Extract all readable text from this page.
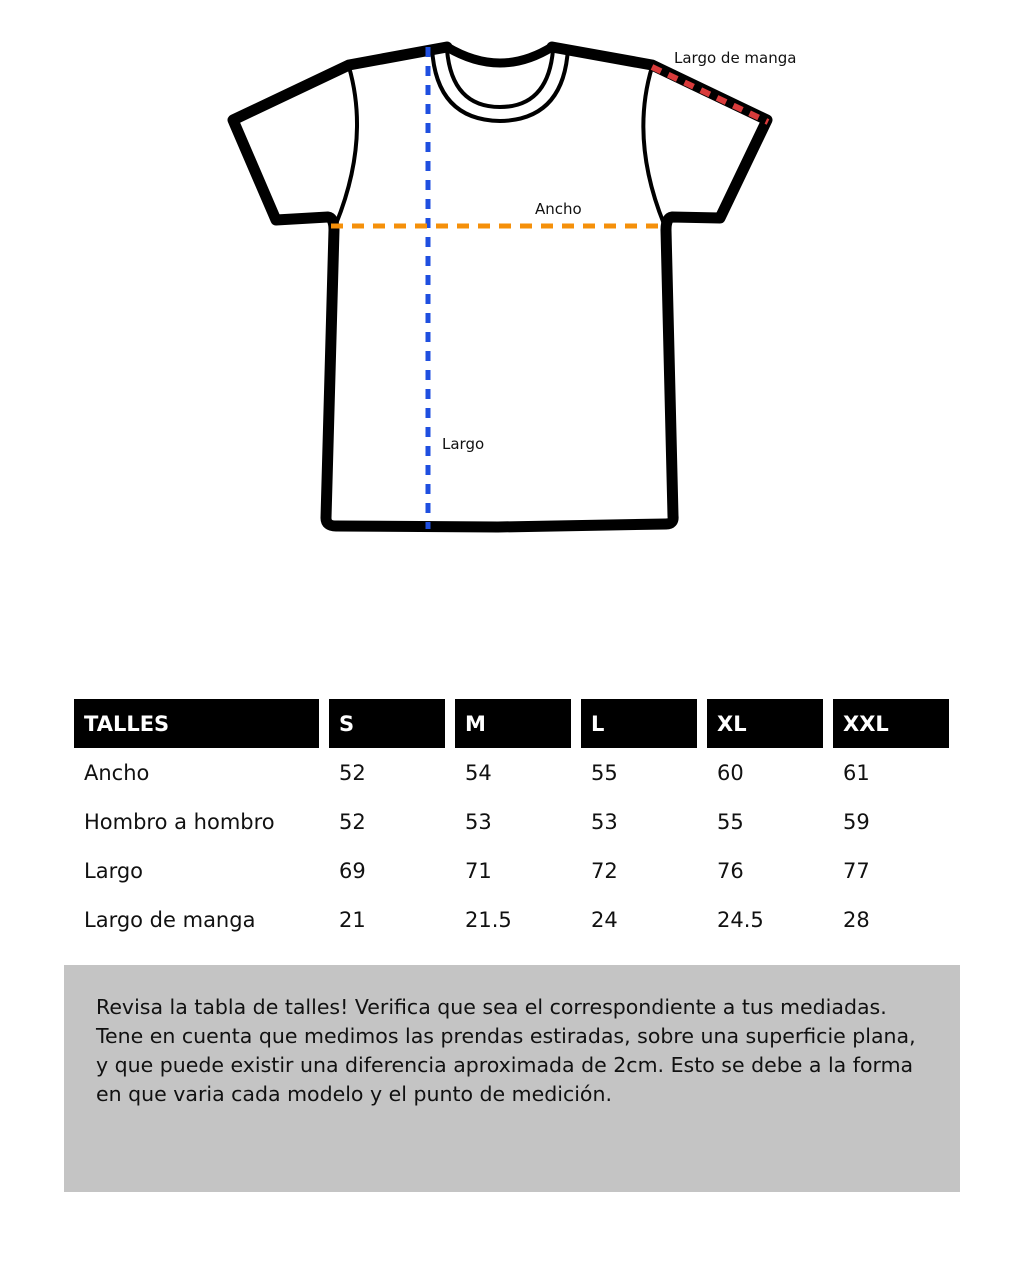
Largo de manga
Ancho
Largo
TALLES	S	M	L	XL	XXL
Ancho	52	54	55	60	61
Hombro a hombro	52	53	53	55	59
Largo	69	71	72	76	77
Largo de manga	21	21.5	24	24.5	28

Revisa la tabla de talles! Verifica que sea el correspondiente a tus mediadas.

Tene en cuenta que medimos las prendas estiradas, sobre una superficie plana, y que puede existir una diferencia aproximada de 2cm. Esto se debe a la forma en que varia cada modelo y el punto de medición.
